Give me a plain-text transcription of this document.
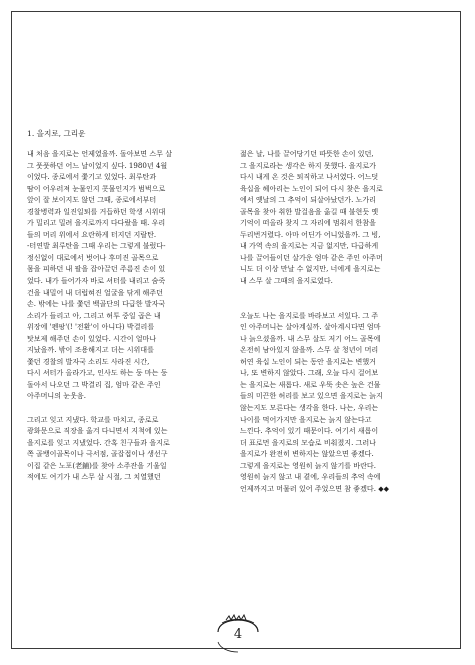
1. 을지로, 그리운
내 처음 을지로는 언제였을까. 돌아보면 스무 살
그 풋풋하던 어느 날이었지 싶다. 1980년 4월
이었다. 종로에서 쫓기고 있었다. 최루탄과
땀이 어우러져 눈물인지 콧물인지가 범벅으로
앞이 잘 보이지도 않던 그때, 종로에서부터
경찰병력과 일진일퇴를 거듭하던 학생 시위대
가 밀리고 밀려 을지로까지 다다랐을 때. 우리
들의 머리 위에서 요란하게 터지던 지랄탄.
-터연발 최루탄을 그때 우리는 그렇게 불렀다-
정신없이 대로에서 벗어나 후미진 골목으로
몸을 피하던 내 팔을 잡아끌던 주름진 손이 있
었다. 내가 들어가자 바로 셔터를 내리고 숨죽
건을 내밀어 내 더럽혀진 얼굴을 닦게 해주던
손. 밖에는 나를 쫓던 백골단의 다급한 발자국
소리가 들리고 아, 그리고 허투 중일 곱은 내
위장에 '펜팡'(! '전환'이 아니다) 박결리를
탓보제 해주던 손이 있었다. 시간이 얼마나
지났을까. 밖이 조용해지고 더는 시위대를
쫓던 경찰의 발자국 소리도 사라진 시간,
다시 셔터가 올라가고, 인사도 하는 둥 마는 둥
돌아서 나오던 그 박결리 집, 엄마 같은 주인
아주머니의 눈웃음.

그리고 잊고 지냈다. 학교를 마치고, 종로로
광화문으로 직장을 옮겨 다니면서 지척에 있는
을지로를 잊고 지냈었다. 간혹 친구들과 을지로
쪽 골뱅이골목이나 극서점, 골잡접이나 생선구
이집 같은 노포(老鋪)를 찾아 소주잔을 기울일
적에도 여기가 내 스무 살 시절, 그 치열했던
젊은 날, 나를 끌어당기던 따뜻한 손이 있던,
그 을지로라는 생각은 하지 못했다. 을지로가
다시 내게 온 것은 퇴직하고 나서였다. 어느덧
육십을 헤아리는 노인이 되어 다시 찾은 을지로
에서 옛날의 그 추억이 되살아났던가. 노가리
골목을 찾아 취한 발걸음을 옮길 때 불현듯 옛
기억이 떠올라 찾지 그 자리에 멈춰서 한참을
두리번거렸다. 아마 어딘가 어니었을까. 그 빙,
내 가역 속의 을지로는 지금 없지만, 다급하게
나를 끌어들이던 살가운 엄마 같은 주인 아주머
니도 더 이상 만날 수 없지만, 너에게 을지로는
내 스무 살 그때의 을지로였다.

오늘도 나는 을지로를 바라보고 서있다. 그 주
인 아주머니는 살아계실까. 살아계시다면 엄마
나 늙으셨을까. 내 스무 살도 저기 어느 골목에
온전히 남아있지 않을까. 스무 살 청년이 머리
허연 육십 노인이 되는 동안 을지로는 변했거
나, 또 변하지 않았다. 그래, 오늘 다시 걸어보
는 을지로는 새롭다. 새로 우뚝 솟은 높은 건물
들의 미끈한 허리를 보고 있으면 을지로는 늙지
않는지도 모른다는 생각을 한다. 나는, 우리는
나이를 먹어가지만 을지로는 늙지 않는다고
느낀다. 추억이 있기 때문이다. 여기서 새롭이
더 표로먼 을지로의 모습로 비춰졌지. 그러나
을지로가 완전히 변하지는 않았으면 좋겠다.
그렇게 을지로는 영원히 늙지 않기를 바란다.
영원히 늙지 않고 내 곁에, 우리들의 추억 속에
언제까지고 머물러 있어 주었으면 참 좋겠다. ◆◆
4
